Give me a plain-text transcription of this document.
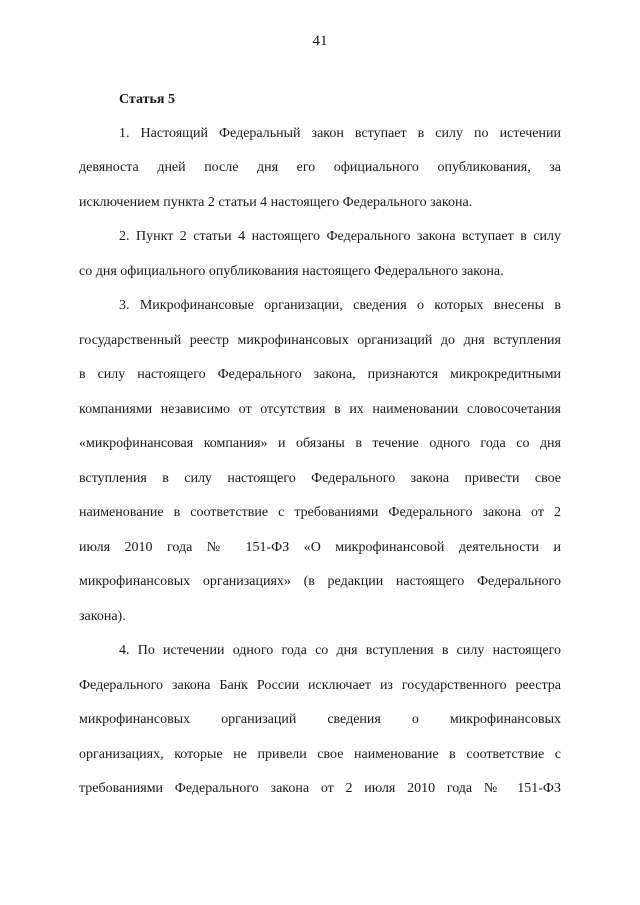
41
Статья 5
1. Настоящий Федеральный закон вступает в силу по истечении
девяноста дней после дня его официального опубликования, за
исключением пункта 2 статьи 4 настоящего Федерального закона.
2. Пункт 2 статьи 4 настоящего Федерального закона вступает в силу
со дня официального опубликования настоящего Федерального закона.
3. Микрофинансовые организации, сведения о которых внесены в
государственный реестр микрофинансовых организаций до дня вступления
в силу настоящего Федерального закона, признаются микрокредитными
компаниями независимо от отсутствия в их наименовании словосочетания
«микрофинансовая компания» и обязаны в течение одного года со дня
вступления в силу настоящего Федерального закона привести свое
наименование в соответствие с требованиями Федерального закона от 2
июля 2010 года № 151-ФЗ «О микрофинансовой деятельности и
микрофинансовых организациях» (в редакции настоящего Федерального
закона).
4. По истечении одного года со дня вступления в силу настоящего
Федерального закона Банк России исключает из государственного реестра
микрофинансовых организаций сведения о микрофинансовых
организациях, которые не привели свое наименование в соответствие с
требованиями Федерального закона от 2 июля 2010 года № 151-ФЗ
